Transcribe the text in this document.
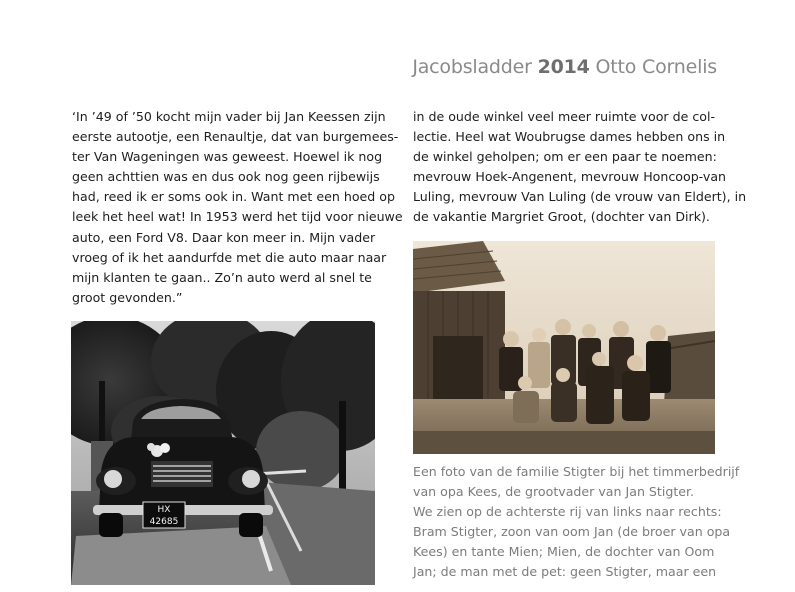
Jacobsladder 2014 Otto Cornelis
‘In ’49 of ’50 kocht mijn vader bij Jan Keessen zijn
eerste autootje, een Renaultje, dat van burgemees-
ter Van Wageningen was geweest. Hoewel ik nog
geen achttien was en dus ook nog geen rijbewijs
had, reed ik er soms ook in. Want met een hoed op
leek het heel wat! In 1953 werd het tijd voor nieuwe
auto, een Ford V8. Daar kon meer in. Mijn vader
vroeg of ik het aandurfde met die auto maar naar
mijn klanten te gaan.. Zo’n auto werd al snel te
groot gevonden.”
in de oude winkel veel meer ruimte voor de col-
lectie. Heel wat Woubrugse dames hebben ons in
de winkel geholpen; om er een paar te noemen:
mevrouw Hoek-Angenent, mevrouw Honcoop-van
Luling, mevrouw Van Luling (de vrouw van Eldert), in
de vakantie Margriet Groot, (dochter van Dirk).
HX
42685
Een foto van de familie Stigter bij het timmerbedrijf
van opa Kees, de grootvader van Jan Stigter.
We zien op de achterste rij van links naar rechts:
Bram Stigter, zoon van oom Jan (de broer van opa
Kees) en tante Mien; Mien, de dochter van Oom
Jan; de man met de pet: geen Stigter, maar een
